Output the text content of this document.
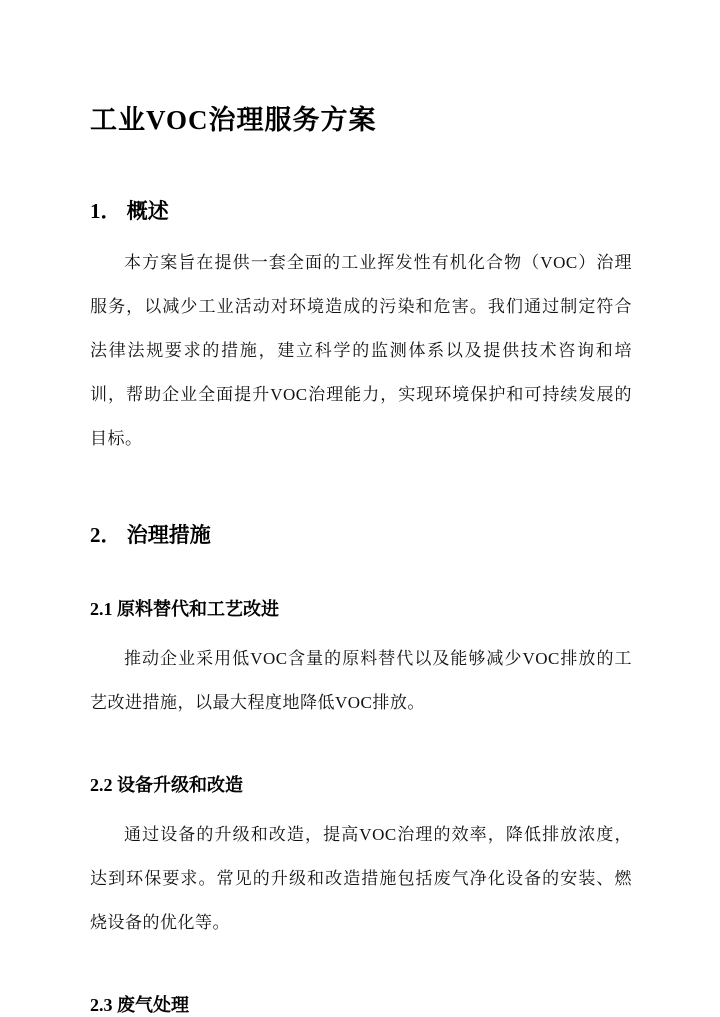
工业VOC治理服务方案
1． 概述

本方案旨在提供一套全面的工业挥发性有机化合物（VOC）治理服务，以减少工业活动对环境造成的污染和危害。我们通过制定符合法律法规要求的措施，建立科学的监测体系以及提供技术咨询和培训，帮助企业全面提升VOC治理能力，实现环境保护和可持续发展的目标。

2． 治理措施
2.1 原料替代和工艺改进

推动企业采用低VOC含量的原料替代以及能够减少VOC排放的工艺改进措施，以最大程度地降低VOC排放。

2.2 设备升级和改造

通过设备的升级和改造，提高VOC治理的效率，降低排放浓度，达到环保要求。常见的升级和改造措施包括废气净化设备的安装、燃烧设备的优化等。

2.3 废气处理
